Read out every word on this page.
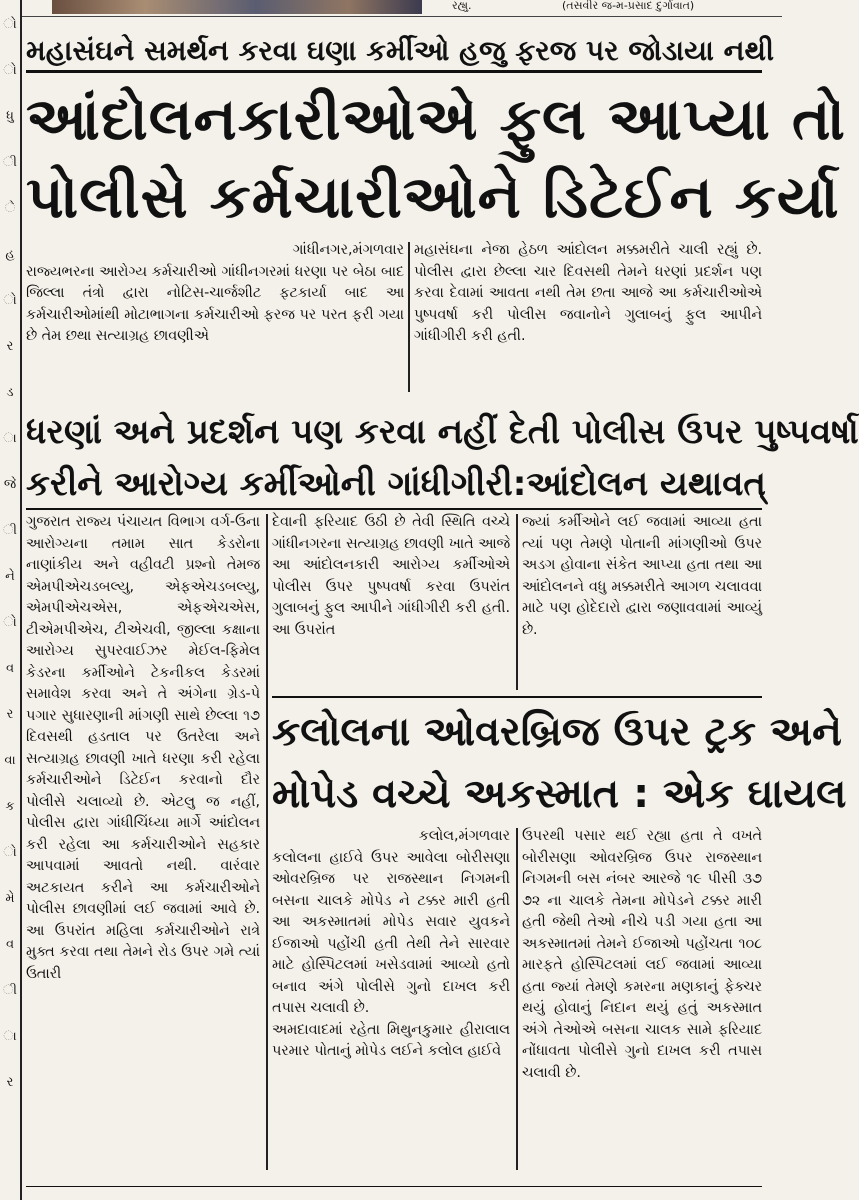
ો
ો
ધુ
ી
ે
હ
ો
ર
ડ
ા
જે
ી
ને
ો
વ
ર
વા
ક
ો
મે
વ
ી
ા
ર
રહ્યુ.	(તસવીર જ-મ-પ્રસાદ દુર્ગાવાત)
મહાસંઘને સમર્થન કરવા ઘણા કર્મીઓ હજુ ફરજ પર જોડાયા નથી
આંદોલનકારીઓએ ફુલ આપ્યા તો
પોલીસે કર્મચારીઓને ડિટેઈન કર્યા

ગાંધીનગર,મંગળવાર

રાજ્યભરના આરોગ્ય કર્મચારીઓ ગાંધીનગરમાં ધરણા પર બેઠા બાદ જિલ્લા તંત્રો દ્વારા નોટિસ-ચાર્જશીટ ફટકાર્યા બાદ આ કર્મચારીઓમાંથી મોટાભાગના કર્મચારીઓ ફરજ પર પરત ફરી ગયા છે તેમ છથા સત્યાગ્રહ છાવણીએ

મહાસંઘના નેજા હેઠળ આંદોલન મક્કમરીતે ચાલી રહ્યું છે. પોલીસ દ્વારા છેલ્લા ચાર દિવસથી તેમને ધરણાં પ્રદર્શન પણ કરવા દેવામાં આવતા નથી તેમ છતા આજે આ કર્મચારીઓએ પુષ્પવર્ષા કરી પોલીસ જવાનોને ગુલાબનું ફુલ આપીને ગાંધીગીરી કરી હતી.

ધરણાં અને પ્રદર્શન પણ કરવા નહીં દેતી પોલીસ ઉપર પુષ્પવર્ષા
કરીને આરોગ્ય કર્મીઓની ગાંધીગીરી:આંદોલન યથાવત્

ગુજરાત રાજ્ય પંચાયત વિભાગ વર્ગ-ઉના આરોગ્યના તમામ સાત કેડરોના નાણાંકીય અને વહીવટી પ્રશ્નો તેમજ એમપીએચડબલ્યુ, એફએચડબલ્યુ, એમપીએચએસ, એફએચએસ, ટીએમપીએચ, ટીએચવી, જીલ્લા કક્ષાના આરોગ્ય સુપરવાઈઝર મેઈલ-ફિમેલ કેડરના કર્મીઓને ટેકનીકલ કેડરમાં સમાવેશ કરવા અને તે અંગેના ગ્રેડ-પે પગાર સુધારણાની માંગણી સાથે છેલ્લા ૧૭ દિવસથી હડતાલ પર ઉતરેલા અને સત્યાગ્રહ છાવણી ખાતે ધરણા કરી રહેલા કર્મચારીઓને ડિટેઈન કરવાનો દૌર પોલીસે ચલાવ્યો છે. એટલુ જ નહીં, પોલીસ દ્વારા ગાંધીચિંધ્યા માર્ગે આંદોલન કરી રહેલા આ કર્મચારીઓને સહકાર આપવામાં આવતો નથી. વારંવાર અટકાયત કરીને આ કર્મચારીઓને પોલીસ છાવણીમાં લઈ જવામાં આવે છે. આ ઉપરાંત મહિલા કર્મચારીઓને રાત્રે મુક્ત કરવા તથા તેમને રોડ ઉપર ગમે ત્યાં ઉતારી

દેવાની ફરિયાદ ઉઠી છે તેવી સ્થિતિ વચ્ચે ગાંધીનગરના સત્યાગ્રહ છાવણી ખાતે આજે આ આંદોલનકારી આરોગ્ય કર્મીઓએ પોલીસ ઉપર પુષ્પવર્ષા કરવા ઉપરાંત ગુલાબનું ફુલ આપીને ગાંધીગીરી કરી હતી. આ ઉપરાંત

જ્યાં કર્મીઓને લઈ જવામાં આવ્યા હતા ત્યાં પણ તેમણે પોતાની માંગણીઓ ઉપર અડગ હોવાના સંકેત આપ્યા હતા તથા આ આંદોલનને વધુ મક્કમરીતે આગળ ચલાવવા માટે પણ હોદેદારો દ્વારા જણાવવામાં આવ્યું છે.

કલોલના ઓવરબ્રિજ ઉપર ટ્રક અને
મોપેડ વચ્ચે અકસ્માત : એક ઘાયલ

કલોલ,મંગળવાર

કલોલના હાઈવે ઉપર આવેલા બોરીસણા ઓવરબ્રિજ પર રાજસ્થાન નિગમની બસના ચાલકે મોપેડ ને ટક્કર મારી હતી આ અકસ્માતમાં મોપેડ સવાર યુવકને ઈજાઓ પહોંચી હતી તેથી તેને સારવાર માટે હોસ્પિટલમાં ખસેડવામાં આવ્યો હતો બનાવ અંગે પોલીસે ગુનો દાખલ કરી તપાસ ચલાવી છે.

અમદાવાદમાં રહેતા મિથુનકુમાર હીરાલાલ પરમાર પોતાનું મોપેડ લઈને કલોલ હાઈવે

ઉપરથી પસાર થઈ રહ્યા હતા તે વખતે બોરીસણા ઓવરબ્રિજ ઉપર રાજસ્થાન નિગમની બસ નંબર આરજે ૧૯ પીસી ૩૭ ૭૨ ના ચાલકે તેમના મોપેડને ટક્કર મારી હતી જેથી તેઓ નીચે પડી ગયા હતા આ અકસ્માતમાં તેમને ઈજાઓ પહોંચતા ૧૦૮ મારફતે હોસ્પિટલમાં લઈ જવામાં આવ્યા હતા જ્યાં તેમણે કમરના મણકાનું ફેક્ચર થયું હોવાનું નિદાન થયું હતું અકસ્માત અંગે તેઓએ બસના ચાલક સામે ફરિયાદ નોંધાવતા પોલીસે ગુનો દાખલ કરી તપાસ ચલાવી છે.
